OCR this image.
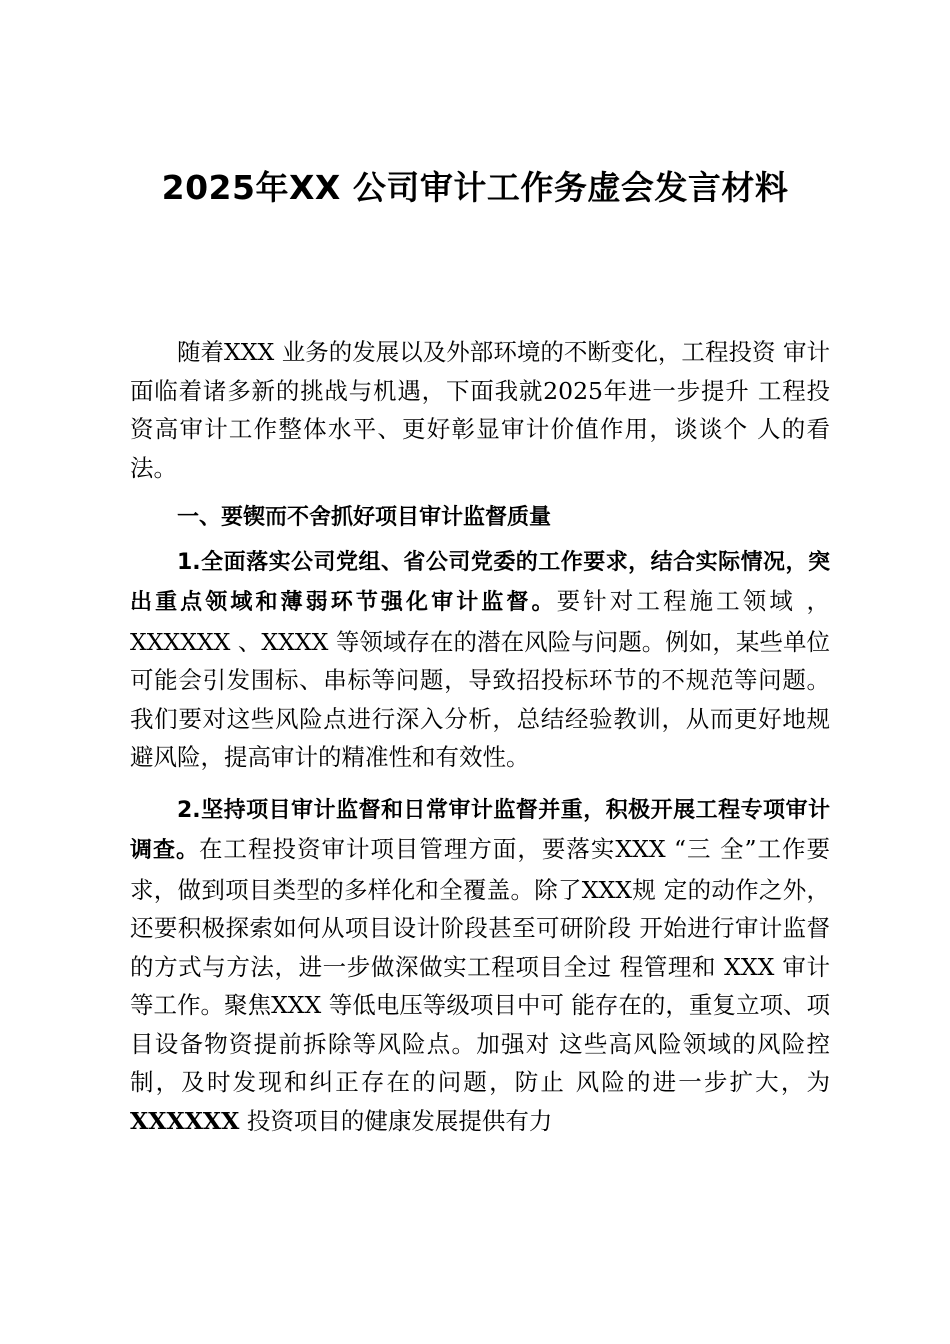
2025年XX 公司审计工作务虚会发言材料

随着XXX 业务的发展以及外部环境的不断变化，工程投资 审计面临着诸多新的挑战与机遇，下面我就2025年进一步提升 工程投资高审计工作整体水平、更好彰显审计价值作用，谈谈个 人的看法。

一、要锲而不舍抓好项目审计监督质量

1.全面落实公司党组、省公司党委的工作要求，结合实际情况，突出重点领域和薄弱环节强化审计监督。要针对工程施工领域 ，XXXXXX 、XXXX 等领域存在的潜在风险与问题。例如，某些单位可能会引发围标、串标等问题，导致招投标环节的不规范等问题。我们要对这些风险点进行深入分析，总结经验教训，从而更好地规避风险，提高审计的精准性和有效性。

2.坚持项目审计监督和日常审计监督并重，积极开展工程专项审计调查。在工程投资审计项目管理方面，要落实XXX “三 全”工作要求，做到项目类型的多样化和全覆盖。除了XXX规 定的动作之外，还要积极探索如何从项目设计阶段甚至可研阶段 开始进行审计监督的方式与方法，进一步做深做实工程项目全过 程管理和 XXX 审计等工作。聚焦XXX 等低电压等级项目中可 能存在的，重复立项、项目设备物资提前拆除等风险点。加强对 这些高风险领域的风险控制，及时发现和纠正存在的问题，防止 风险的进一步扩大，为XXXXXX 投资项目的健康发展提供有力
